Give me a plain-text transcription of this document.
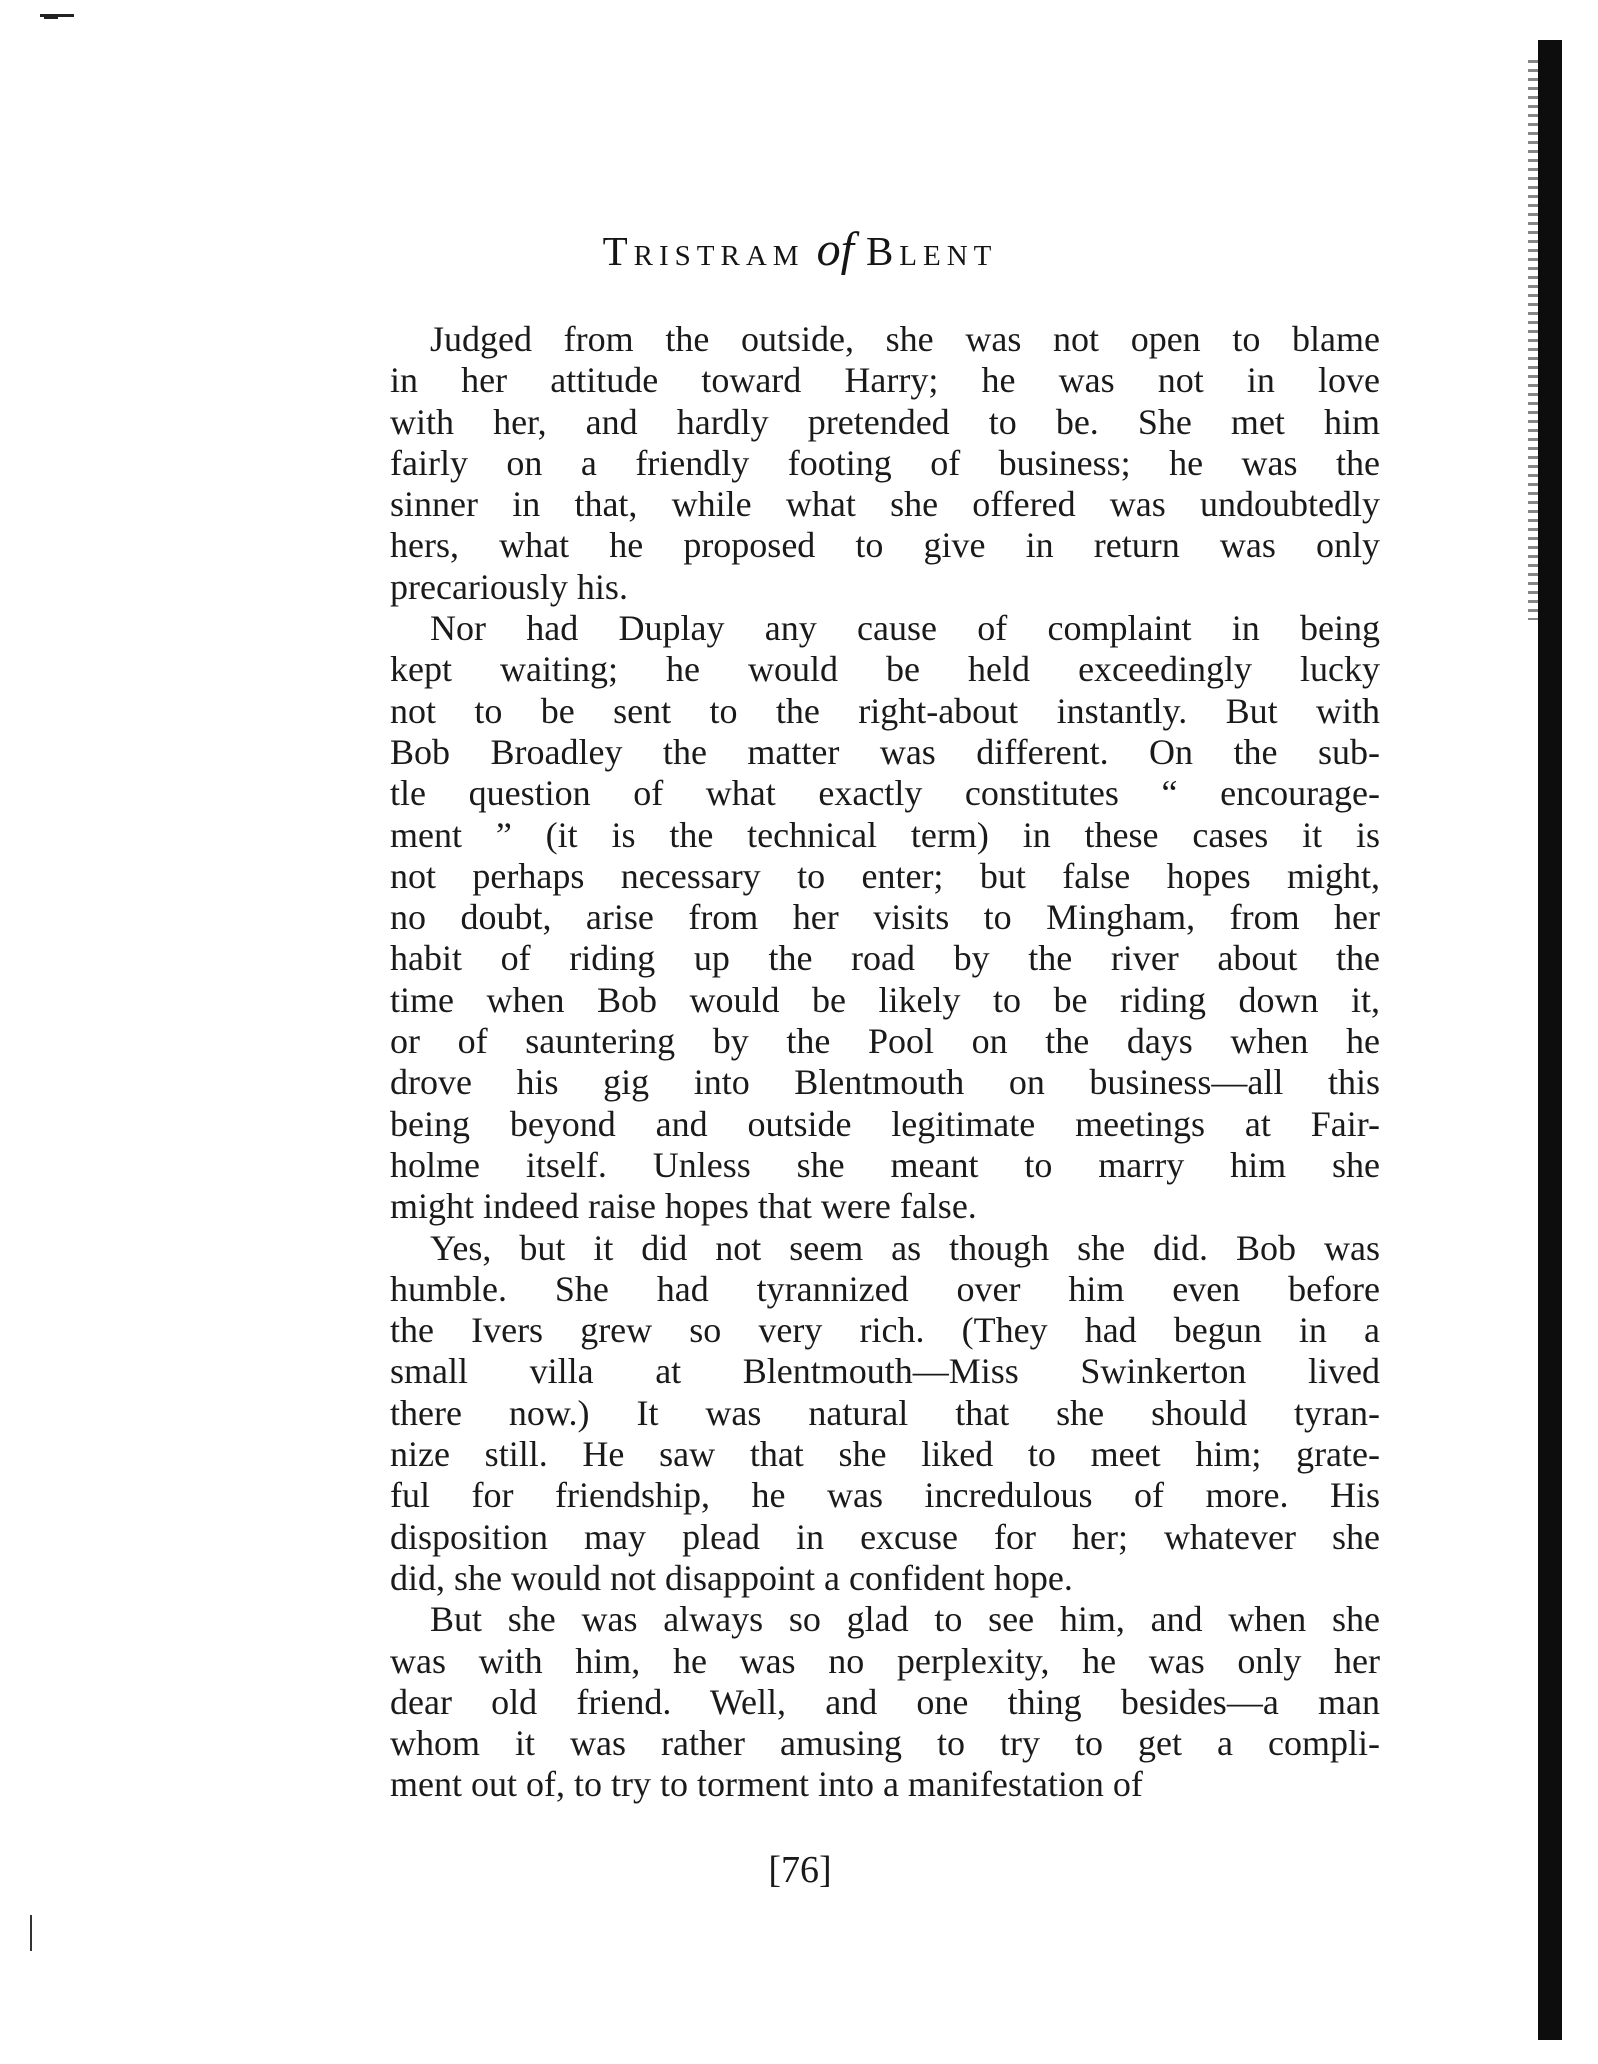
Tristram of Blent
Judged from the outside, she was not open to blame
in her attitude toward Harry; he was not in love
with her, and hardly pretended to be. She met him
fairly on a friendly footing of business; he was the
sinner in that, while what she offered was undoubtedly
hers, what he proposed to give in return was only
precariously his.
Nor had Duplay any cause of complaint in being
kept waiting; he would be held exceedingly lucky
not to be sent to the right-about instantly. But with
Bob Broadley the matter was different. On the sub-
tle question of what exactly constitutes “ encourage-
ment ” (it is the technical term) in these cases it is
not perhaps necessary to enter; but false hopes might,
no doubt, arise from her visits to Mingham, from her
habit of riding up the road by the river about the
time when Bob would be likely to be riding down it,
or of sauntering by the Pool on the days when he
drove his gig into Blentmouth on business—all this
being beyond and outside legitimate meetings at Fair-
holme itself. Unless she meant to marry him she
might indeed raise hopes that were false.
Yes, but it did not seem as though she did. Bob was
humble. She had tyrannized over him even before
the Ivers grew so very rich. (They had begun in a
small villa at Blentmouth—Miss Swinkerton lived
there now.) It was natural that she should tyran-
nize still. He saw that she liked to meet him; grate-
ful for friendship, he was incredulous of more. His
disposition may plead in excuse for her; whatever she
did, she would not disappoint a confident hope.
But she was always so glad to see him, and when she
was with him, he was no perplexity, he was only her
dear old friend. Well, and one thing besides—a man
whom it was rather amusing to try to get a compli-
ment out of, to try to torment into a manifestation of
[76]
